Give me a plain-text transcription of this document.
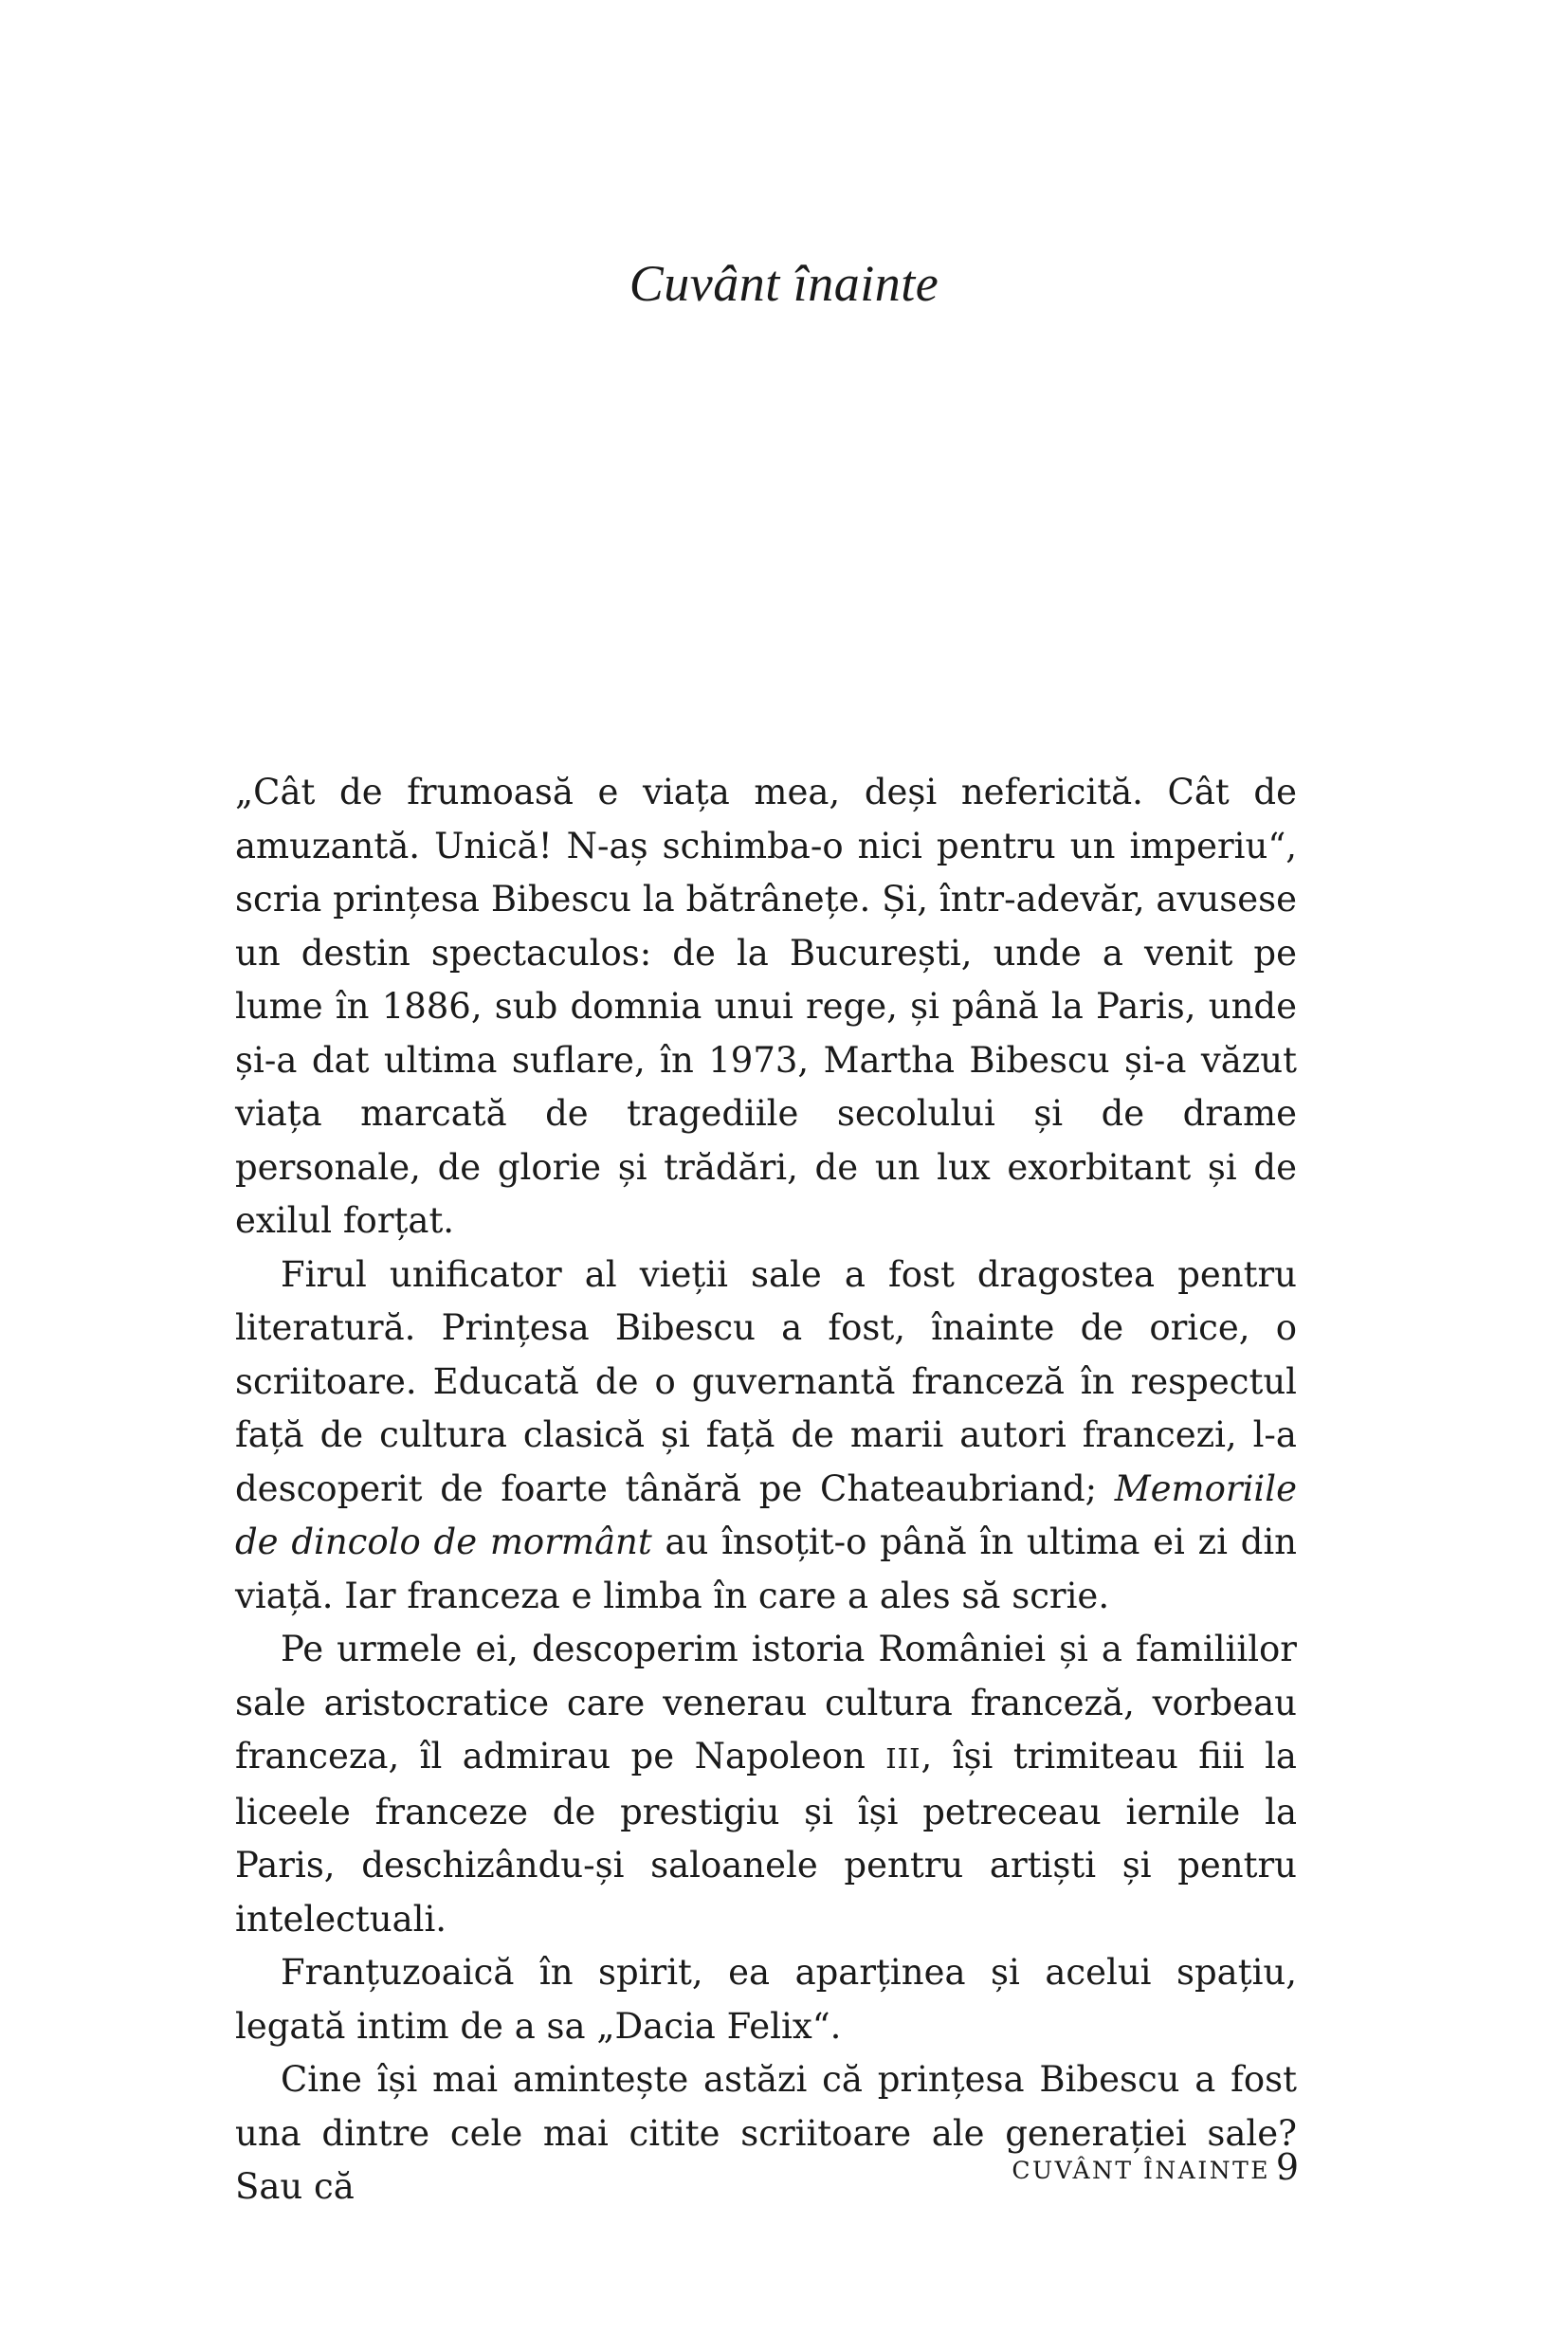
Cuvânt înainte

„Cât de frumoasă e viața mea, deși nefericită. Cât de amuzantă. Unică! N-aș schimba-o nici pentru un imperiu“, scria prințesa Bibescu la bătrânețe. Și, într-adevăr, avusese un destin spectaculos: de la București, unde a venit pe lume în 1886, sub domnia unui rege, și până la Paris, unde și-a dat ultima suflare, în 1973, Martha Bibescu și-a văzut viața marcată de tragediile secolului și de drame personale, de glorie și trădări, de un lux exorbitant și de exilul forțat.

Firul unificator al vieții sale a fost dragostea pentru literatură. Prințesa Bibescu a fost, înainte de orice, o scriitoare. Educată de o guvernantă franceză în respectul față de cultura clasică și față de marii autori francezi, l-a descoperit de foarte tânără pe Chateaubriand; Memoriile de dincolo de mormânt au însoțit-o până în ultima ei zi din viață. Iar franceza e limba în care a ales să scrie.

Pe urmele ei, descoperim istoria României și a familiilor sale aristocratice care venerau cultura franceză, vorbeau franceza, îl admirau pe Napoleon III, își trimiteau fiii la liceele franceze de prestigiu și își petreceau iernile la Paris, deschizându-și saloanele pentru artiști și pentru intelectuali.

Franțuzoaică în spirit, ea aparținea și acelui spațiu, legată intim de a sa „Dacia Felix“.

Cine își mai amintește astăzi că prințesa Bibescu a fost una dintre cele mai citite scriitoare ale generației sale? Sau că	CUVÂNT ÎNAINTE 9
